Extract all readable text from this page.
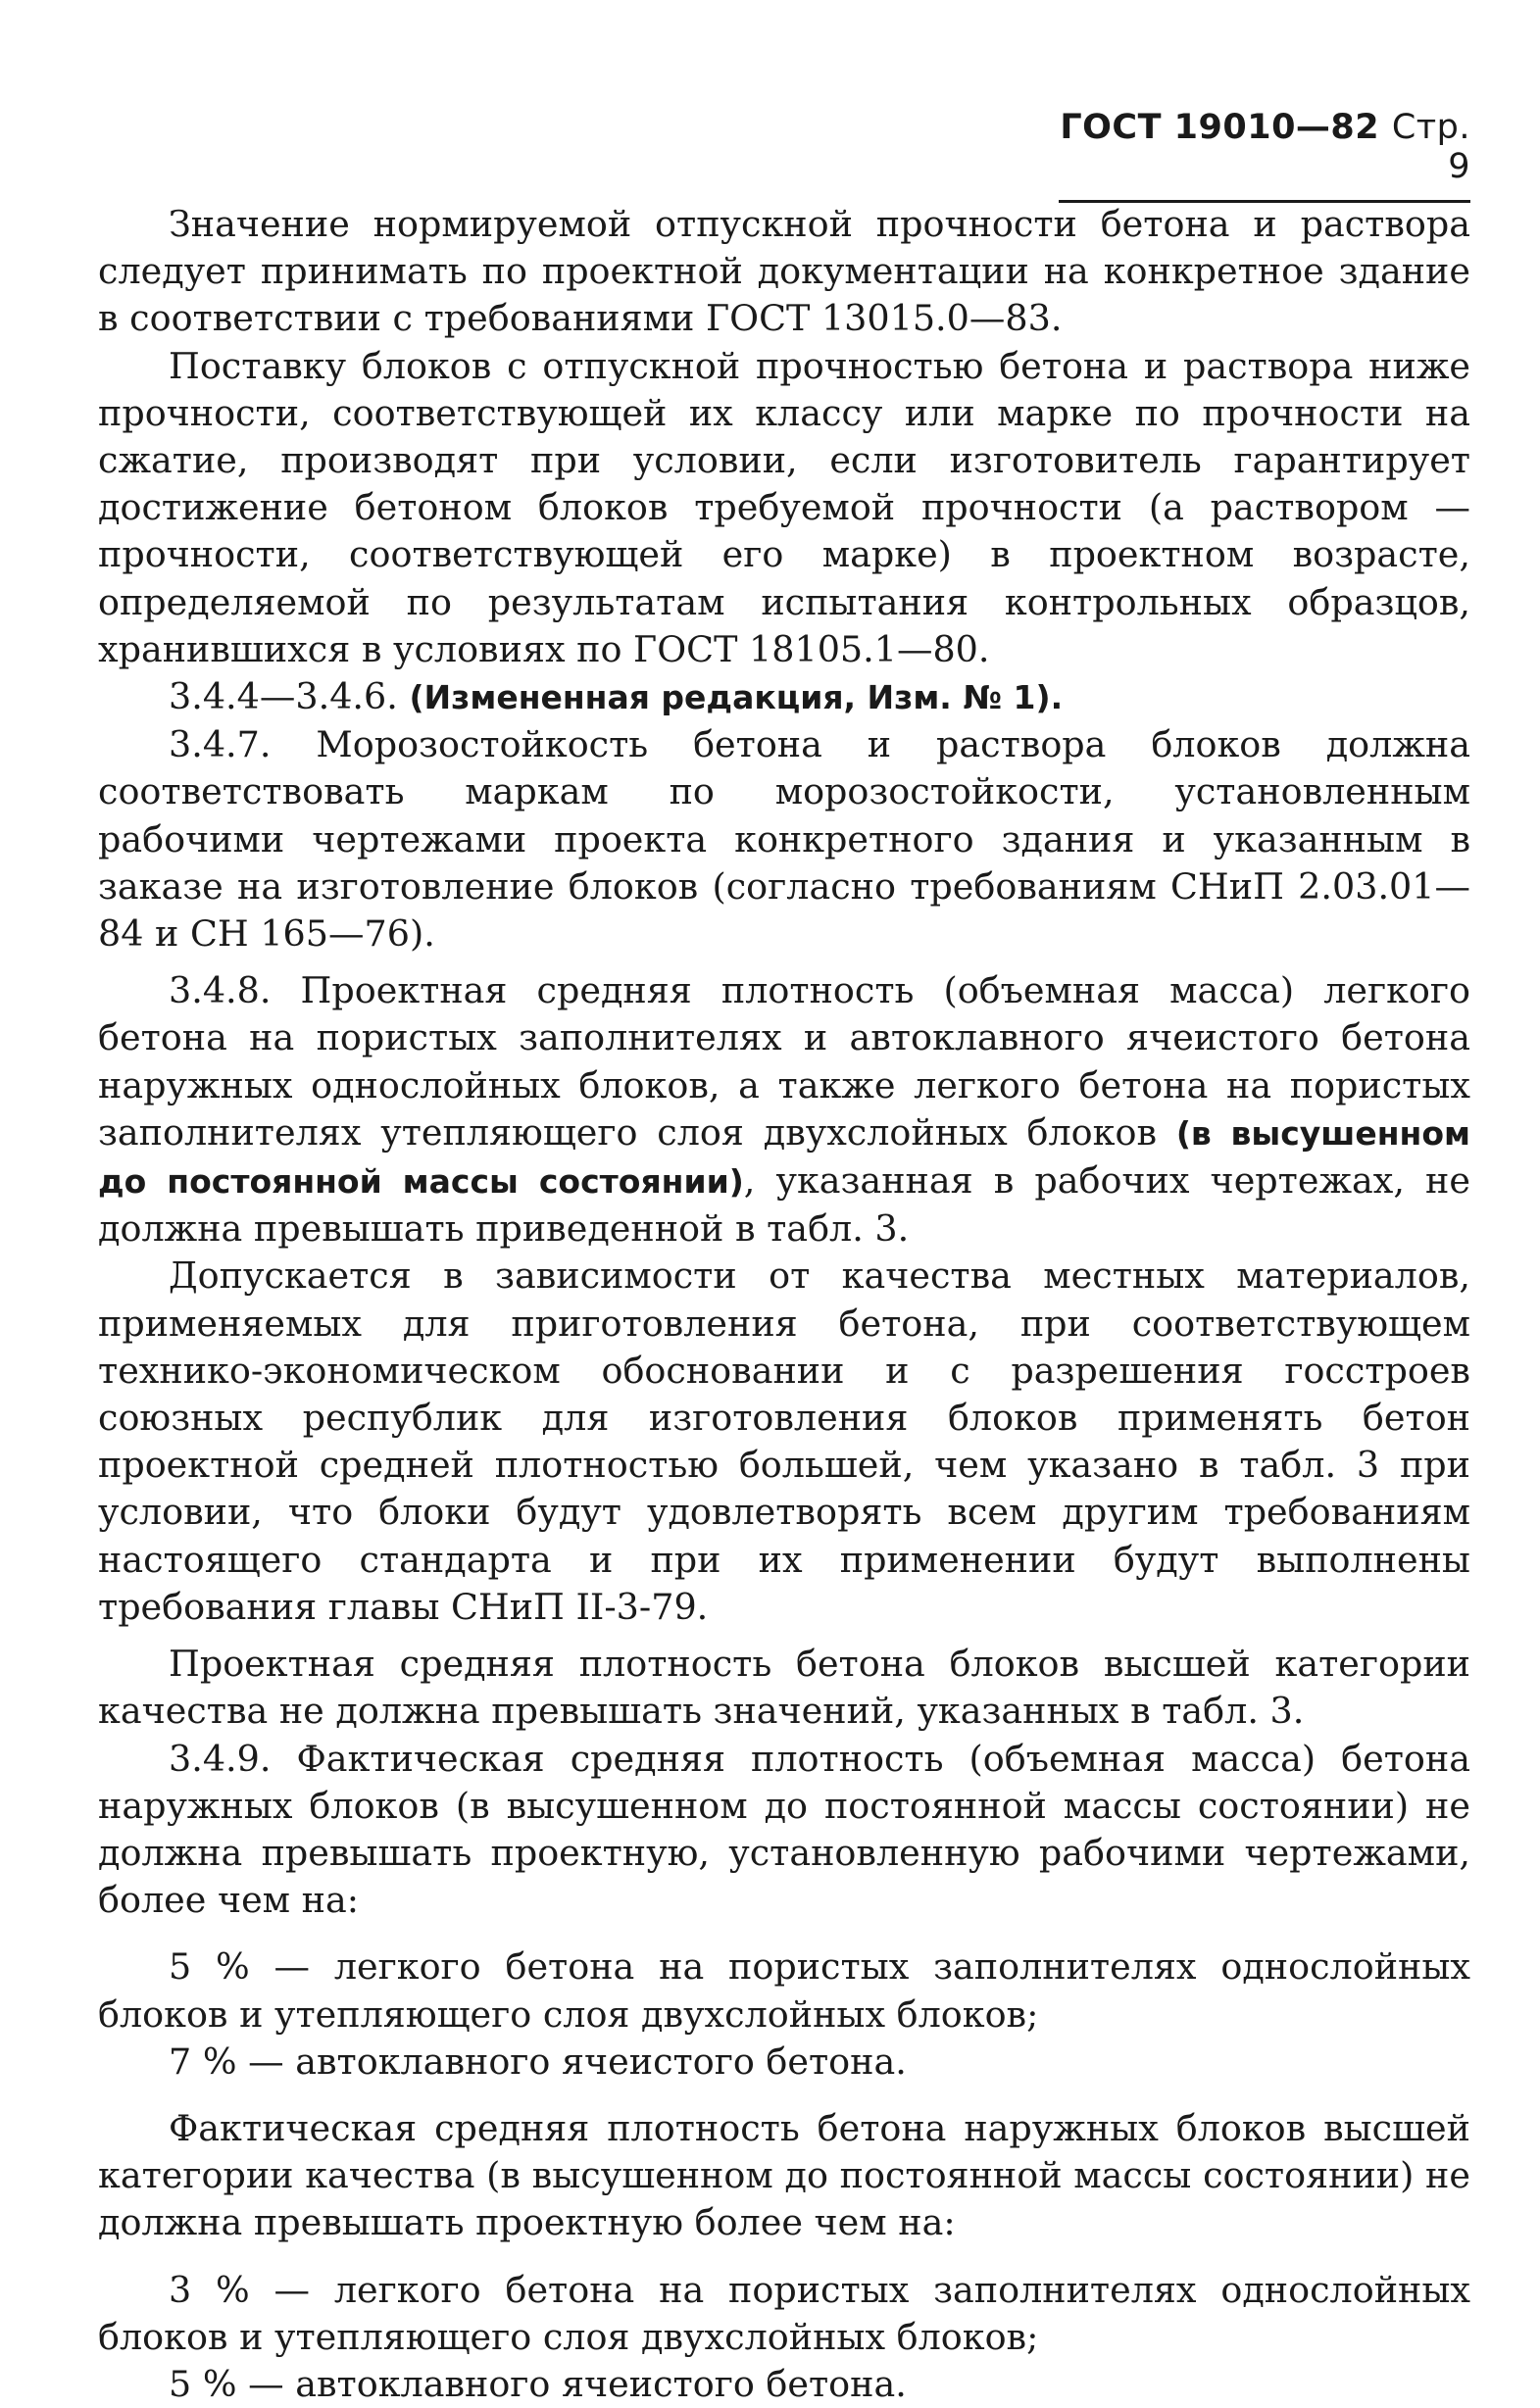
ГОСТ 19010—82 Стр. 9

Значение нормируемой отпускной прочности бетона и раствора следует принимать по проектной документации на конкретное здание в соответствии с требованиями ГОСТ 13015.0—83.

Поставку блоков с отпускной прочностью бетона и раствора ниже прочности, соответствующей их классу или марке по прочности на сжатие, производят при условии, если изготовитель гарантирует достижение бетоном блоков требуемой прочности (а раствором — прочности, соответствующей его марке) в проектном возрасте, определяемой по результатам испытания контрольных образцов, хранившихся в условиях по ГОСТ 18105.1—80.

3.4.4—3.4.6. (Измененная редакция, Изм. № 1).

3.4.7. Морозостойкость бетона и раствора блоков должна соответствовать маркам по морозостойкости, установленным рабочими чертежами проекта конкретного здания и указанным в заказе на изготовление блоков (согласно требованиям СНиП 2.03.01—84 и СН 165—76).

3.4.8. Проектная средняя плотность (объемная масса) легкого бетона на пористых заполнителях и автоклавного ячеистого бетона наружных однослойных блоков, а также легкого бетона на пористых заполнителях утепляющего слоя двухслойных блоков (в высушенном до постоянной массы состоянии), указанная в рабочих чертежах, не должна превышать приведенной в табл. 3.

Допускается в зависимости от качества местных материалов, применяемых для приготовления бетона, при соответствующем технико-экономическом обосновании и с разрешения госстроев союзных республик для изготовления блоков применять бетон проектной средней плотностью большей, чем указано в табл. 3 при условии, что блоки будут удовлетворять всем другим требованиям настоящего стандарта и при их применении будут выполнены требования главы СНиП II-3-79.

Проектная средняя плотность бетона блоков высшей категории качества не должна превышать значений, указанных в табл. 3.

3.4.9. Фактическая средняя плотность (объемная масса) бетона наружных блоков (в высушенном до постоянной массы состоянии) не должна превышать проектную, установленную рабочими чертежами, более чем на:

5 % — легкого бетона на пористых заполнителях однослойных блоков и утепляющего слоя двухслойных блоков;

7 % — автоклавного ячеистого бетона.

Фактическая средняя плотность бетона наружных блоков высшей категории качества (в высушенном до постоянной массы состоянии) не должна превышать проектную более чем на:

3 % — легкого бетона на пористых заполнителях однослойных блоков и утепляющего слоя двухслойных блоков;

5 % — автоклавного ячеистого бетона.
